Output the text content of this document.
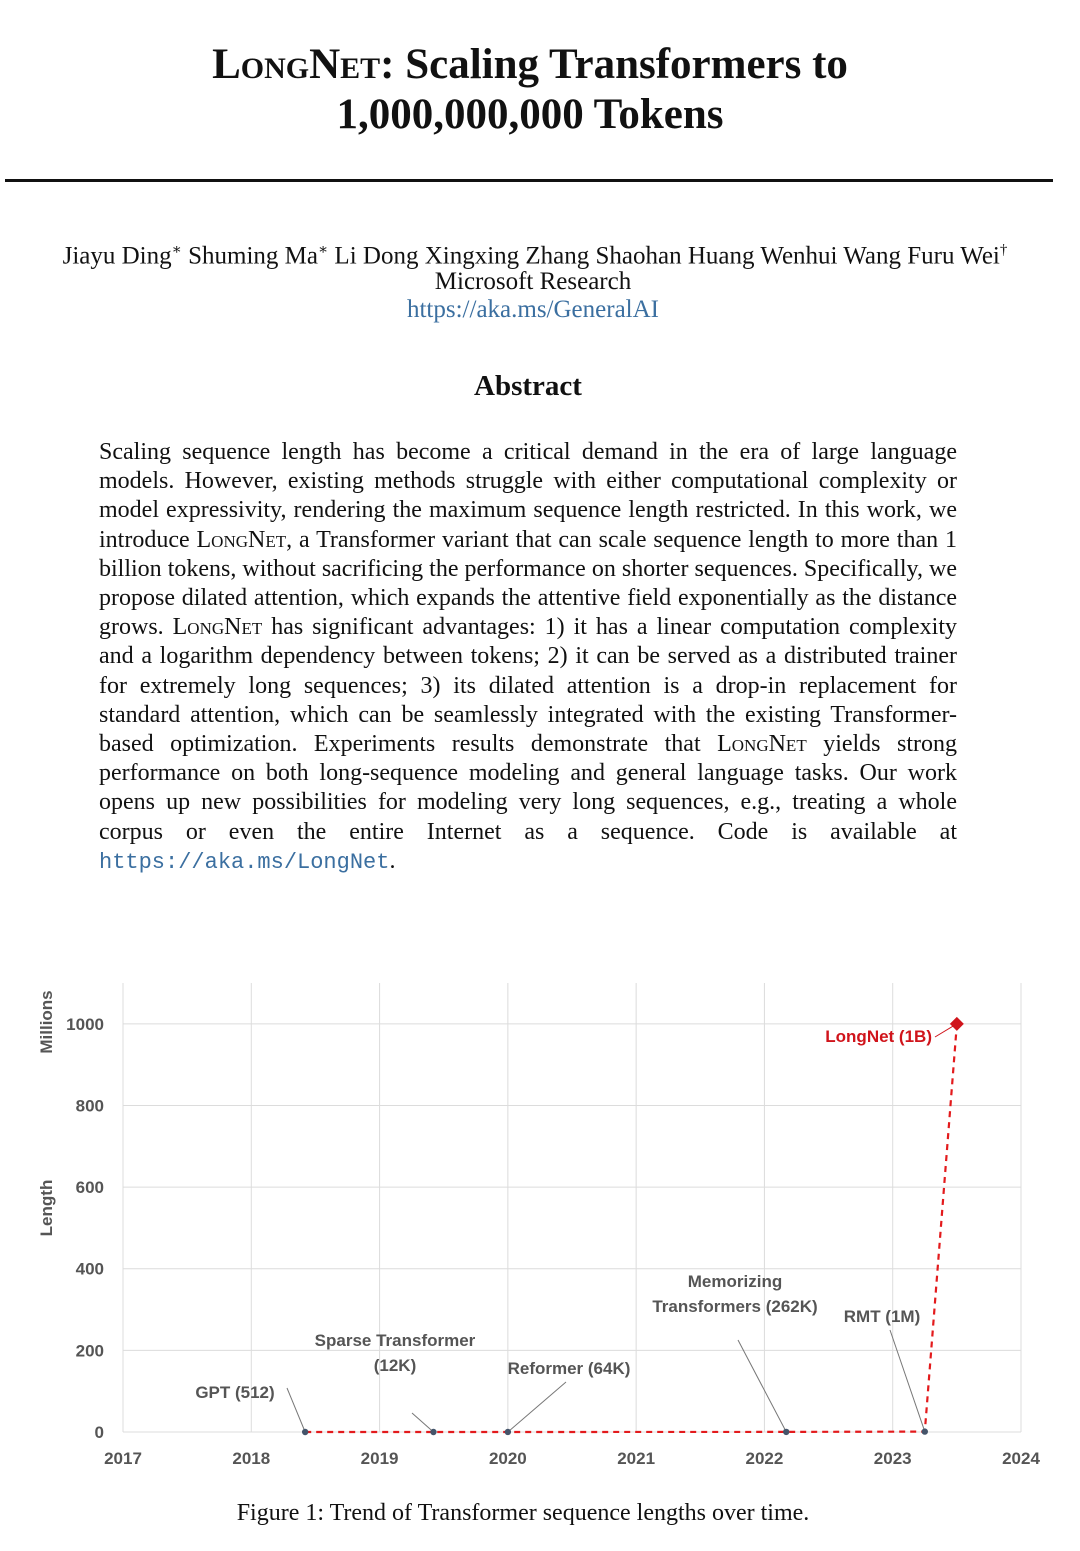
LongNet: Scaling Transformers to
1,000,000,000 Tokens
Jiayu Ding∗ Shuming Ma∗ Li Dong Xingxing Zhang Shaohan Huang Wenhui Wang Furu Wei†
Microsoft Research
https://aka.ms/GeneralAI
Abstract
Scaling sequence length has become a critical demand in the era of large language models. However, existing methods struggle with either computational complexity or model expressivity, rendering the maximum sequence length restricted. In this work, we introduce LongNet, a Transformer variant that can scale sequence length to more than 1 billion tokens, without sacrificing the performance on shorter sequences. Specifically, we propose dilated attention, which expands the attentive field exponentially as the distance grows. LongNet has significant advantages: 1) it has a linear computation complexity and a logarithm dependency between tokens; 2) it can be served as a distributed trainer for extremely long sequences; 3) its dilated attention is a drop-in replacement for standard attention, which can be seamlessly integrated with the existing Transformer-based optimization. Experiments results demonstrate that LongNet yields strong performance on both long-sequence modeling and general language tasks. Our work opens up new possibilities for modeling very long sequences, e.g., treating a whole corpus or even the entire Internet as a sequence. Code is available at https://aka.ms/LongNet.
2017	2018	2019	2020	2021	2022	2023	2024
0
200
400
600
800
1000
Length
Millions
GPT (512)
Sparse Transformer
(12K)	Reformer (64K)
Memorizing
Transformers (262K)
RMT (1M)
LongNet (1B)
Figure 1: Trend of Transformer sequence lengths over time.
